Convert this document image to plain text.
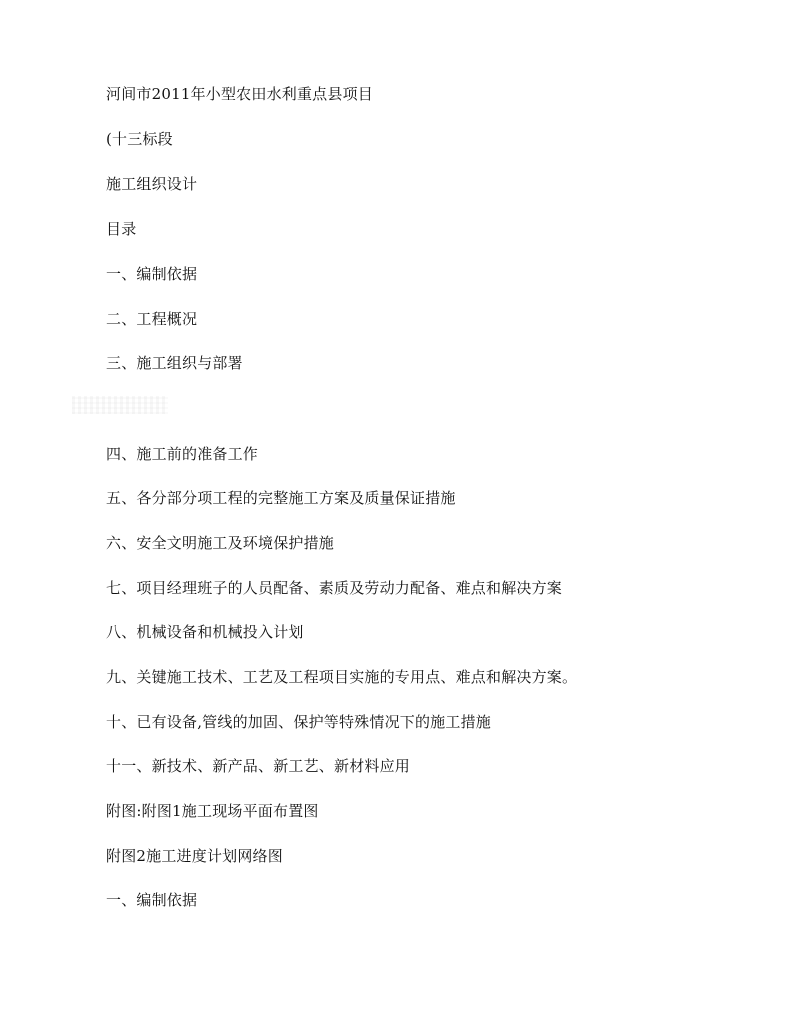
河间市2011年小型农田水利重点县项目
(十三标段
施工组织设计
目录
一、编制依据
二、工程概况
三、施工组织与部署
四、施工前的准备工作
五、各分部分项工程的完整施工方案及质量保证措施
六、安全文明施工及环境保护措施
七、项目经理班子的人员配备、素质及劳动力配备、难点和解决方案
八、机械设备和机械投入计划
九、关键施工技术、工艺及工程项目实施的专用点、难点和解决方案。
十、已有设备,管线的加固、保护等特殊情况下的施工措施
十一、新技术、新产品、新工艺、新材料应用
附图:附图1施工现场平面布置图
附图2施工进度计划网络图
一、编制依据
